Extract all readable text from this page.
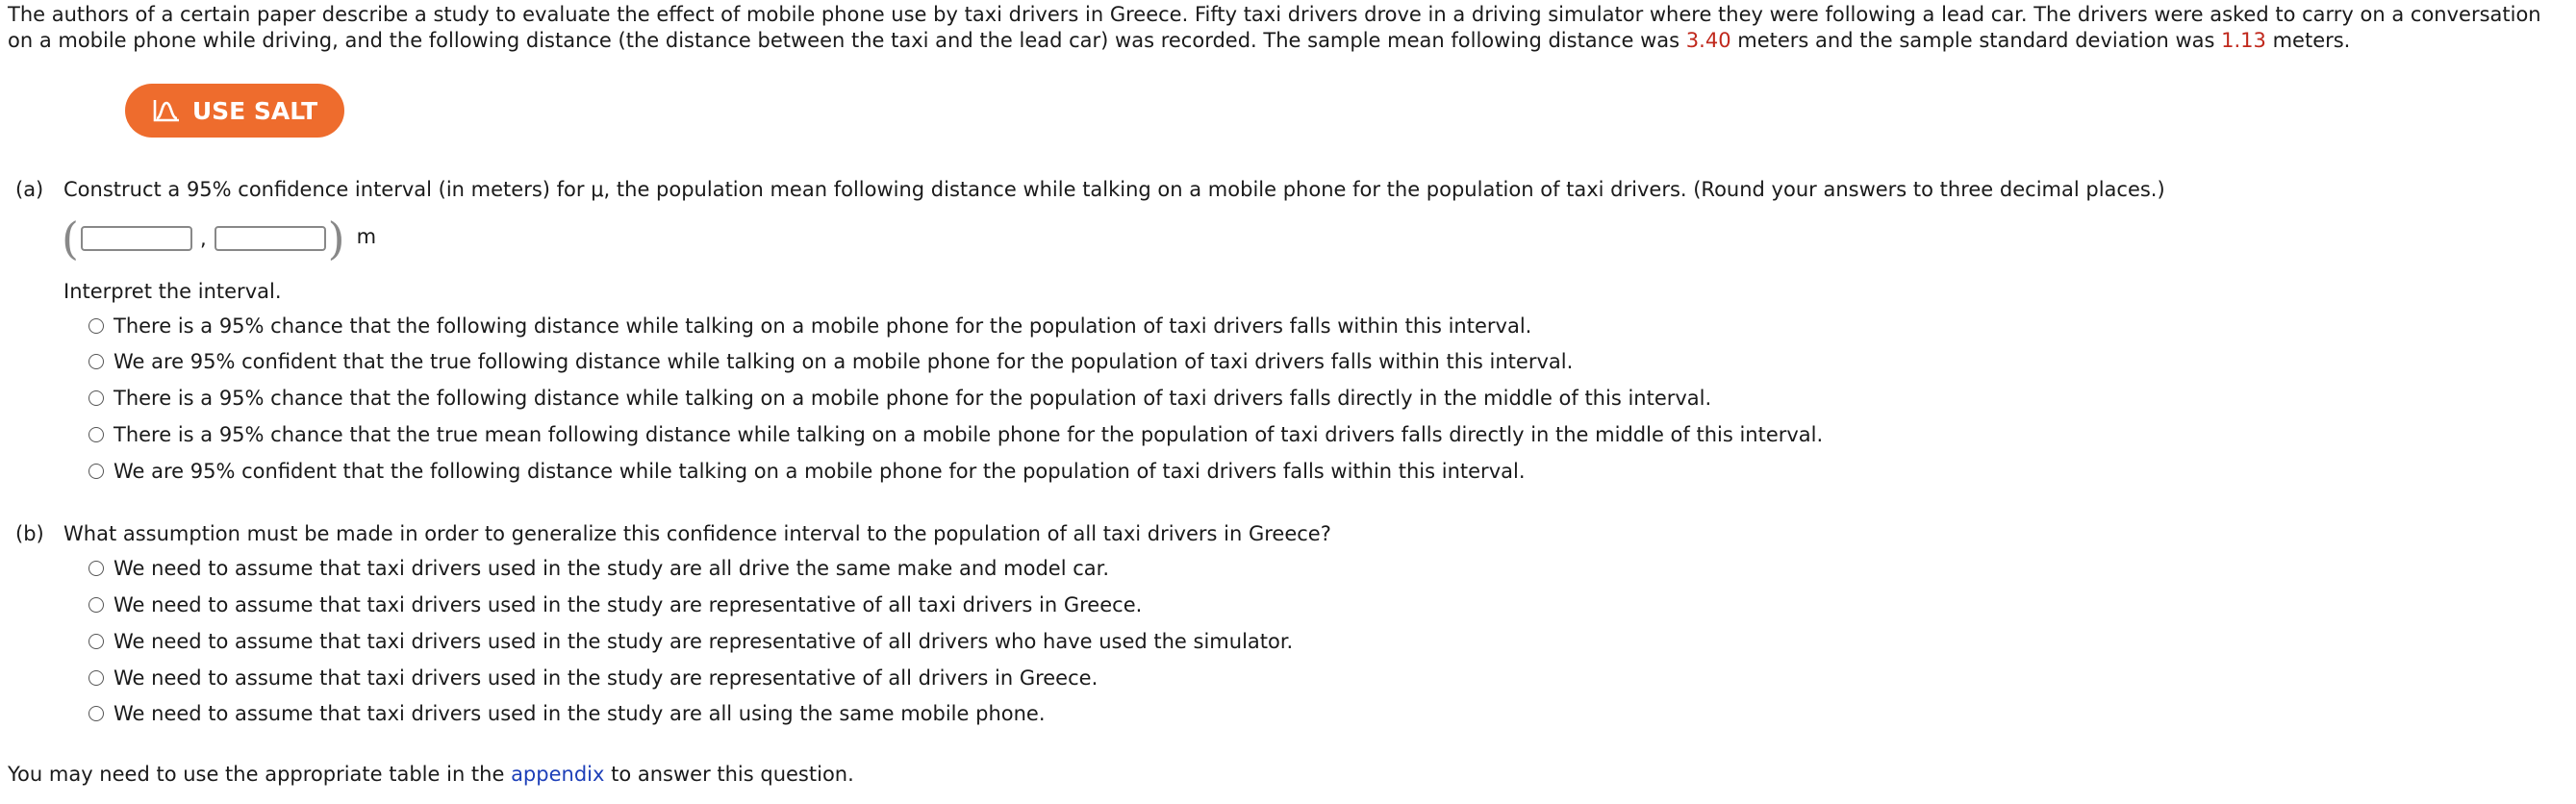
The authors of a certain paper describe a study to evaluate the effect of mobile phone use by taxi drivers in Greece. Fifty taxi drivers drove in a driving simulator where they were following a lead car. The drivers were asked to carry on a conversation on a mobile phone while driving, and the following distance (the distance between the taxi and the lead car) was recorded. The sample mean following distance was 3.40 meters and the sample standard deviation was 1.13 meters.
USE SALT
(a) Construct a 95% confidence interval (in meters) for μ, the population mean following distance while talking on a mobile phone for the population of taxi drivers. (Round your answers to three decimal places.)
(	,	) m
Interpret the interval.
There is a 95% chance that the following distance while talking on a mobile phone for the population of taxi drivers falls within this interval.
We are 95% confident that the true following distance while talking on a mobile phone for the population of taxi drivers falls within this interval.
There is a 95% chance that the following distance while talking on a mobile phone for the population of taxi drivers falls directly in the middle of this interval.
There is a 95% chance that the true mean following distance while talking on a mobile phone for the population of taxi drivers falls directly in the middle of this interval.
We are 95% confident that the following distance while talking on a mobile phone for the population of taxi drivers falls within this interval.
(b) What assumption must be made in order to generalize this confidence interval to the population of all taxi drivers in Greece?
We need to assume that taxi drivers used in the study are all drive the same make and model car.
We need to assume that taxi drivers used in the study are representative of all taxi drivers in Greece.
We need to assume that taxi drivers used in the study are representative of all drivers who have used the simulator.
We need to assume that taxi drivers used in the study are representative of all drivers in Greece.
We need to assume that taxi drivers used in the study are all using the same mobile phone.
You may need to use the appropriate table in the appendix to answer this question.
